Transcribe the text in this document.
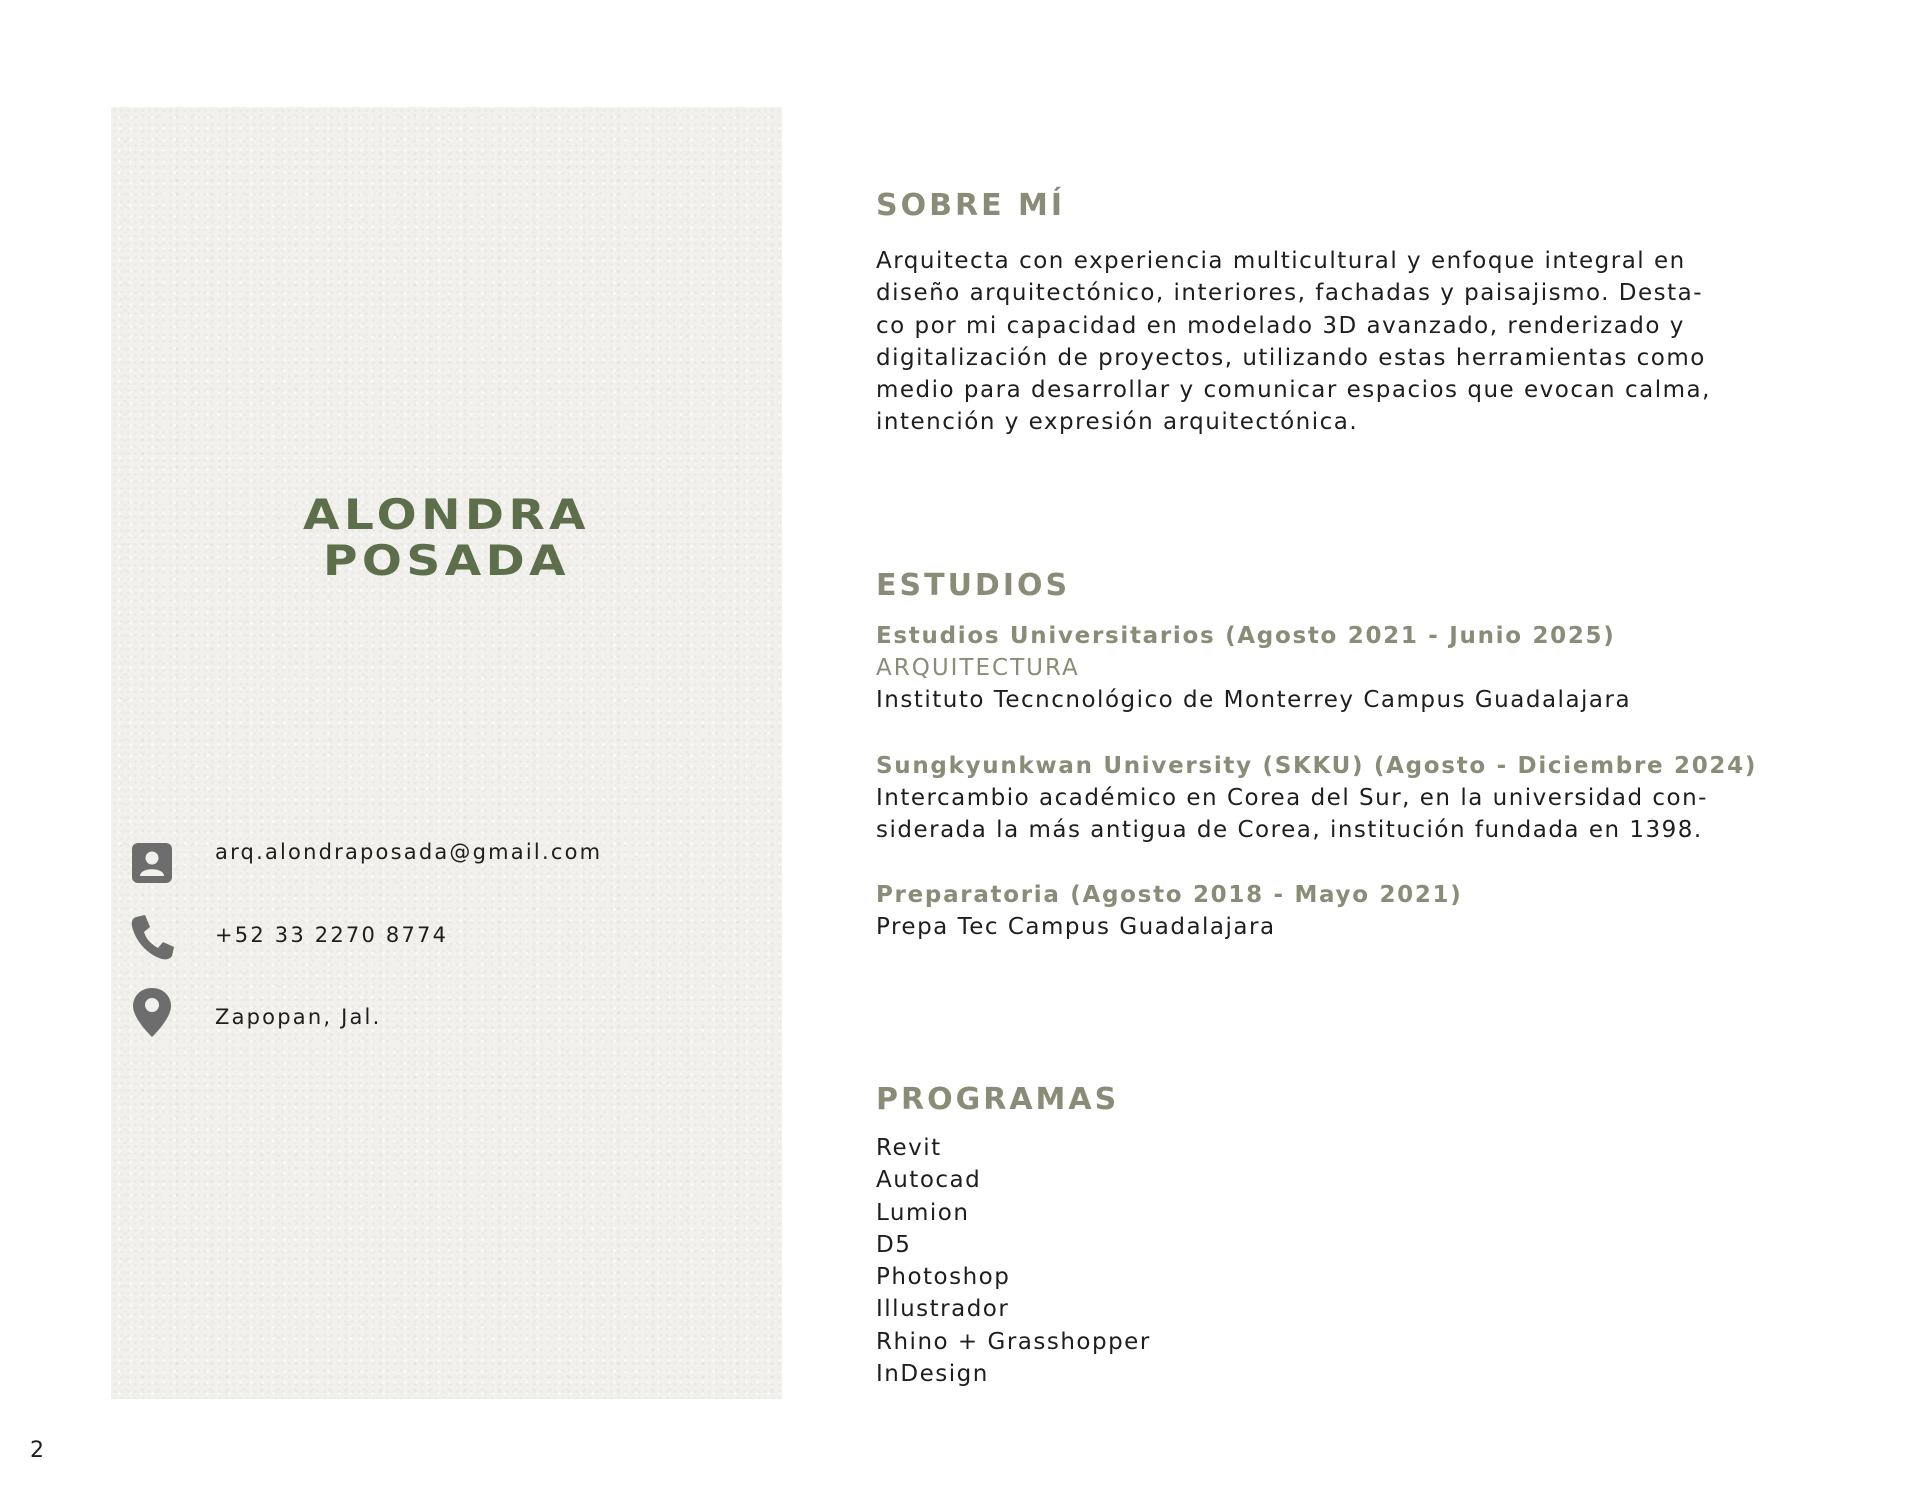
ALONDRA
POSADA
arq.alondraposada@gmail.com
+52 33 2270 8774
Zapopan, Jal.
SOBRE MÍ
Arquitecta con experiencia multicultural y enfoque integral en
diseño arquitectónico, interiores, fachadas y paisajismo. Desta-
co por mi capacidad en modelado 3D avanzado, renderizado y
digitalización de proyectos, utilizando estas herramientas como
medio para desarrollar y comunicar espacios que evocan calma,
intención y expresión arquitectónica.
ESTUDIOS
Estudios Universitarios (Agosto 2021 - Junio 2025)
ARQUITECTURA
Instituto Tecncnológico de Monterrey Campus Guadalajara
Sungkyunkwan University (SKKU) (Agosto - Diciembre 2024)
Intercambio académico en Corea del Sur, en la universidad con-
siderada la más antigua de Corea, institución fundada en 1398.
Preparatoria (Agosto 2018 - Mayo 2021)
Prepa Tec Campus Guadalajara
PROGRAMAS
Revit
Autocad
Lumion
D5
Photoshop
Illustrador
Rhino + Grasshopper
InDesign
2
